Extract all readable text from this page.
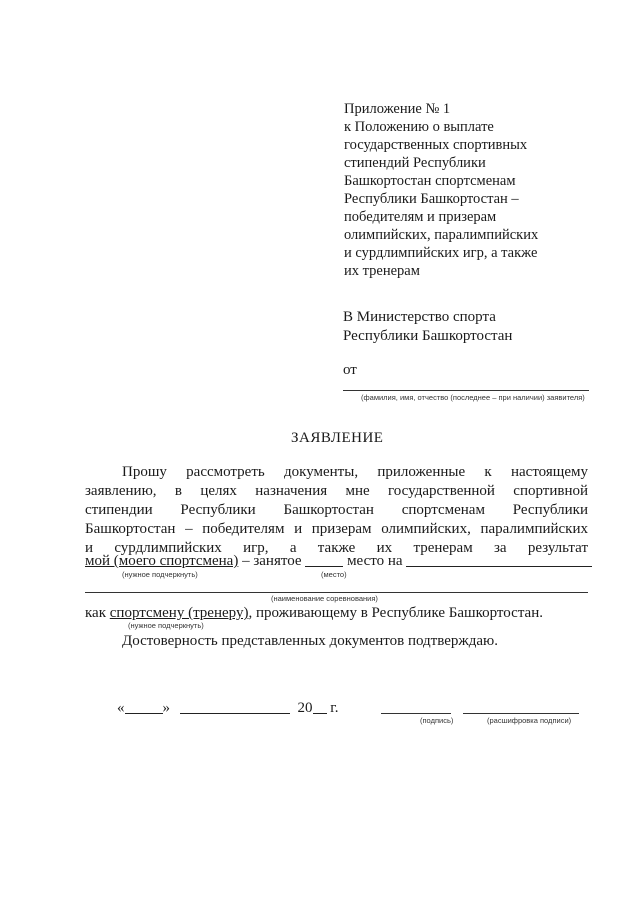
Приложение № 1
к Положению о выплате
государственных спортивных
стипендий Республики
Башкортостан спортсменам
Республики Башкортостан –
победителям и призерам
олимпийских, паралимпийских
и сурдлимпийских игр, а также
их тренерам
В Министерство спорта
Республики Башкортостан
от
(фамилия, имя, отчество (последнее – при наличии) заявителя)
ЗАЯВЛЕНИЕ
Прошу рассмотреть документы, приложенные к настоящему
заявлению, в целях назначения мне государственной спортивной
стипендии Республики Башкортостан спортсменам Республики
Башкортостан – победителям и призерам олимпийских, паралимпийских
и сурдлимпийских игр, а также их тренерам за результат
мой (моего спортсмена) – занятое	место на
(нужное подчеркнуть)	(место)
(наименование соревнования)
как спортсмену (тренеру), проживающему в Республике Башкортостан.
(нужное подчеркнуть)
Достоверность представленных документов подтверждаю.
«	»	20 г.
(подпись)	(расшифровка подписи)
